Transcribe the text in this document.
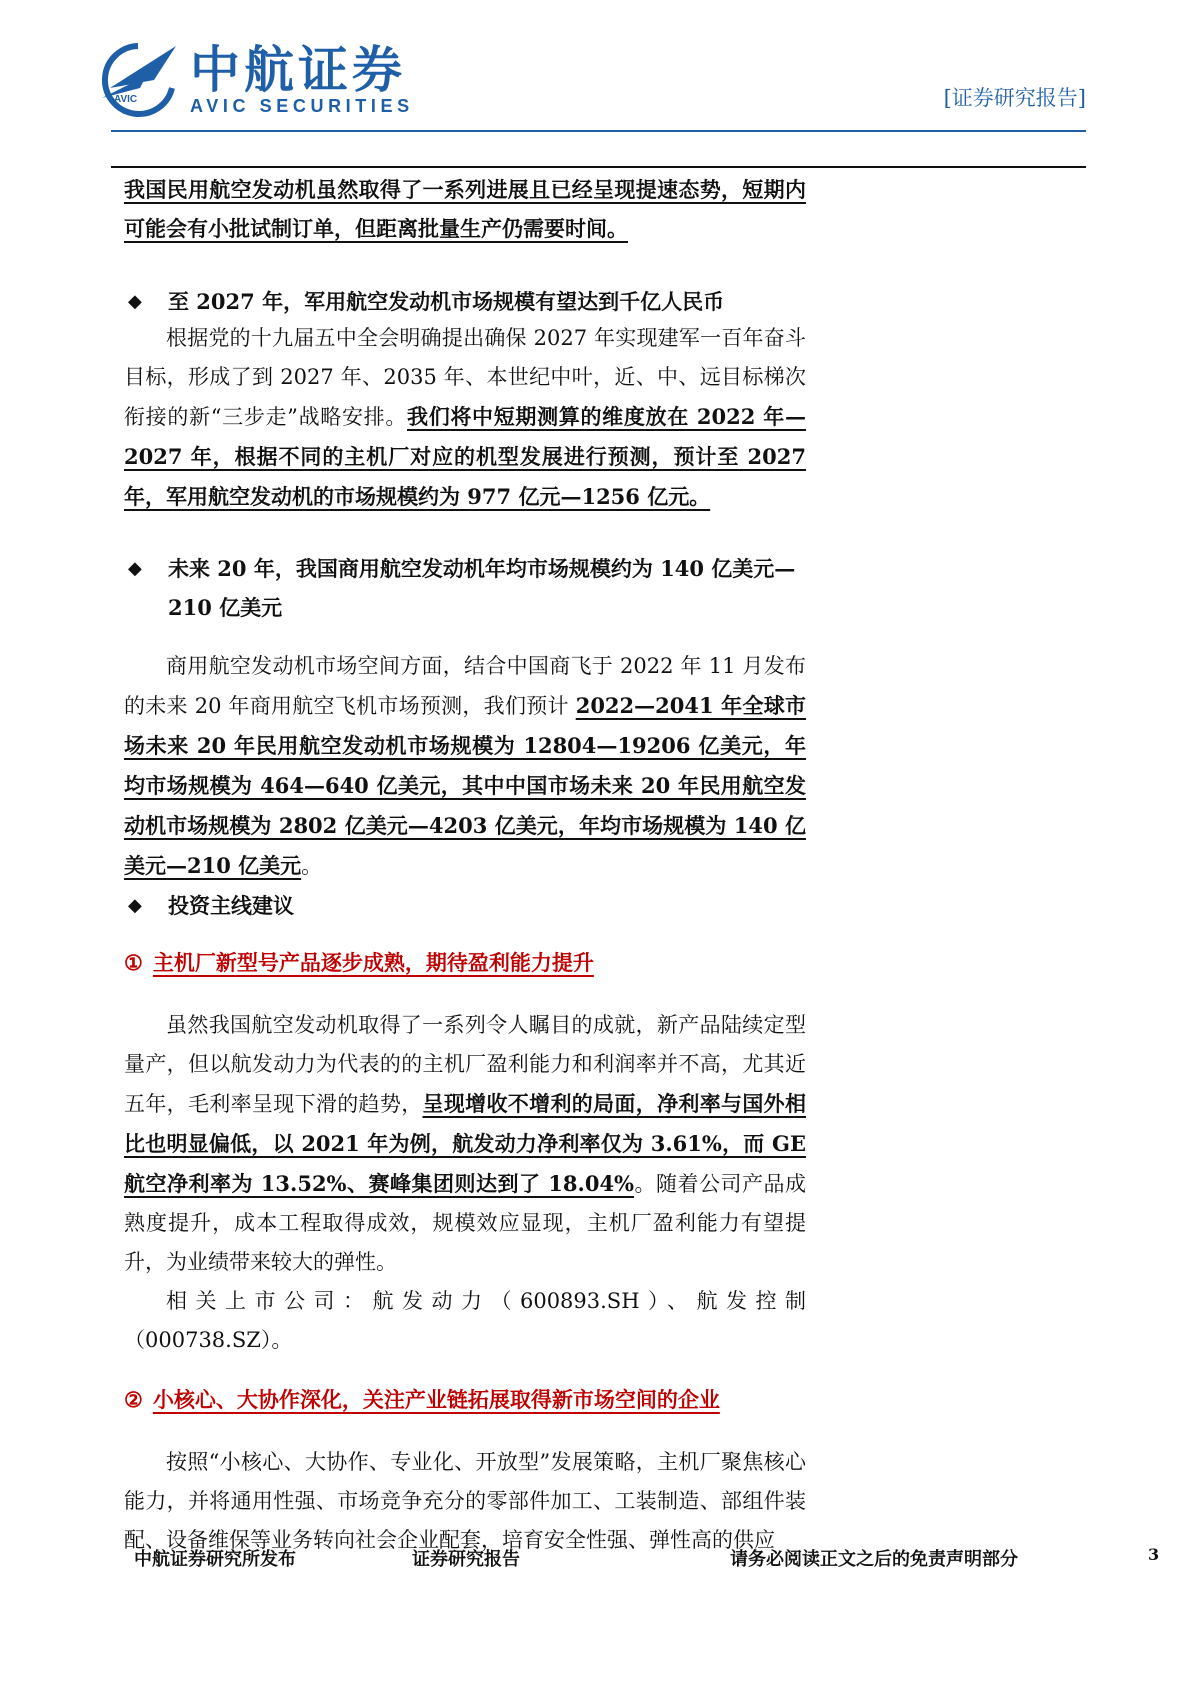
AVIC
中航证券
AVIC SECURITIES	[证券研究报告]

我国民用航空发动机虽然取得了一系列进展且已经呈现提速态势，短期内可能会有小批试制订单，但距离批量生产仍需要时间。

◆ 至 2027 年，军用航空发动机市场规模有望达到千亿人民币

根据党的十九届五中全会明确提出确保 2027 年实现建军一百年奋斗目标，形成了到 2027 年、2035 年、本世纪中叶，近、中、远目标梯次衔接的新“三步走”战略安排。我们将中短期测算的维度放在 2022 年—2027 年，根据不同的主机厂对应的机型发展进行预测，预计至 2027 年，军用航空发动机的市场规模约为 977 亿元—1256 亿元。

◆ 未来 20 年，我国商用航空发动机年均市场规模约为 140 亿美元—210 亿美元

商用航空发动机市场空间方面，结合中国商飞于 2022 年 11 月发布的未来 20 年商用航空飞机市场预测，我们预计 2022—2041 年全球市场未来 20 年民用航空发动机市场规模为 12804—19206 亿美元，年均市场规模为 464—640 亿美元，其中中国市场未来 20 年民用航空发动机市场规模为 2802 亿美元—4203 亿美元，年均市场规模为 140 亿美元—210 亿美元。

◆ 投资主线建议
① 主机厂新型号产品逐步成熟，期待盈利能力提升

虽然我国航空发动机取得了一系列令人瞩目的成就，新产品陆续定型量产，但以航发动力为代表的的主机厂盈利能力和利润率并不高，尤其近五年，毛利率呈现下滑的趋势，呈现增收不增利的局面，净利率与国外相比也明显偏低，以 2021 年为例，航发动力净利率仅为 3.61%，而 GE 航空净利率为 13.52%、赛峰集团则达到了 18.04%。随着公司产品成熟度提升，成本工程取得成效，规模效应显现，主机厂盈利能力有望提升，为业绩带来较大的弹性。

相关上市公司：航发动力（600893.SH）、航发控制（000738.SZ）。

② 小核心、大协作深化，关注产业链拓展取得新市场空间的企业

按照“小核心、大协作、专业化、开放型”发展策略，主机厂聚焦核心能力，并将通用性强、市场竞争充分的零部件加工、工装制造、部组件装配、设备维保等业务转向社会企业配套，培育安全性强、弹性高的供应

中航证券研究所发布	证券研究报告	请务必阅读正文之后的免责声明部分	3
